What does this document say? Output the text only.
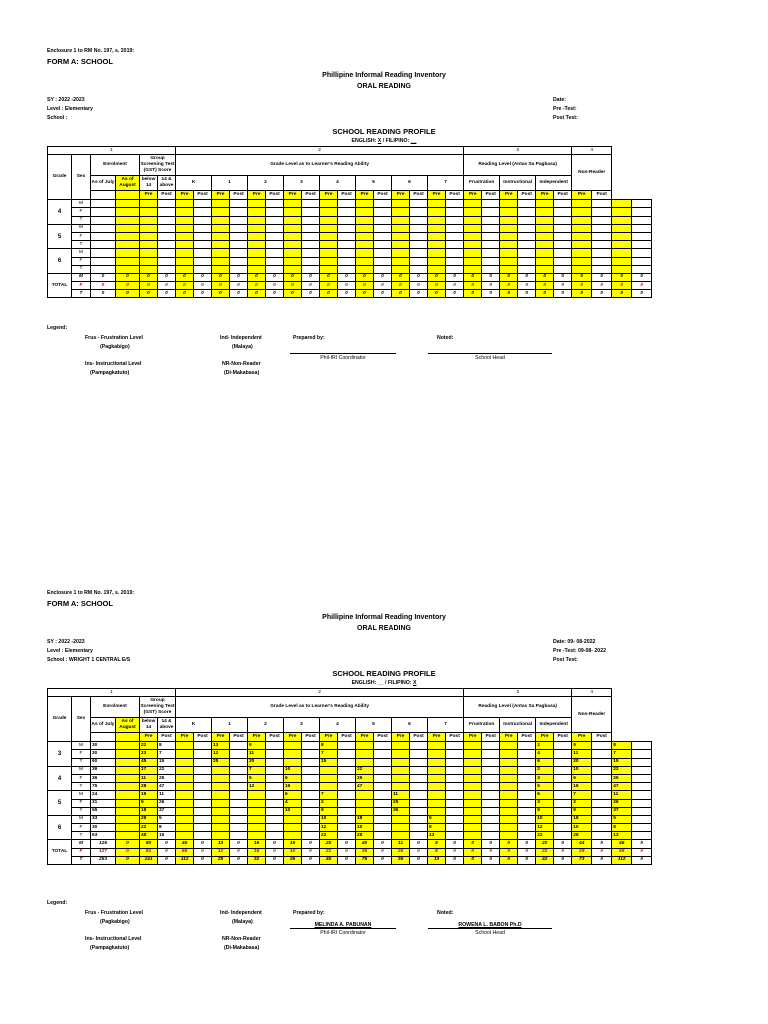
Enclosure 1 to RM No. 197, s. 2019:
FORM A: SCHOOL
Phillipine Informal Reading Inventory
ORAL READING
SY : 2022 -2023
Level : Elementary
School :
Date:
Pre -Test:
Post Test:
SCHOOL READING PROFILE
ENGLISH: X / FILIPINO: __
1						2																3						4			
Grade	Sex	Enrolment		Group Screening Test (GST) Score		Grade Level as to Learner's Reading Ability																Reading Level (Antas Sa Pagbasa)						Non-Reader			
		As of July	As of August	below 14	14 & above	K		1		2		3		4		5		6		7		Frustration		Instructional		Independent					
				Pre	Post	Pre	Post	Pre	Post	Pre	Post	Pre	Post	Pre	Post	Pre	Post	Pre	Post	Pre	Post	Pre	Post	Pre	Post	Pre	Post	Pre	Post		
4	M																														
	F																														
	T																														
5	M																														
	F																														
	T																														
6	M																														
	F																														
	T																														
TOTAL	M	0	0	0	0	0	0	0	0	0	0	0	0	0	0	0	0	0	0	0	0	0	0	0	0	0	0	0	0	0	0
	F	0	0	0	0	0	0	0	0	0	0	0	0	0	0	0	0	0	0	0	0	0	0	0	0	0	0	0	0	0	0
	T	0	0	0	0	0	0	0	0	0	0	0	0	0	0	0	0	0	0	0	0	0	0	0	0	0	0	0	0	0	0
Legend:
Frus - Frustration Level
(Pagkabigo)
Ins- Instructional Level
(Pampagkatuto)
Ind- Independent
(Malaya)
NR-Non-Reader
(Di-Makabasa)
Prepared by:	Noted:
Phil-IRI Coordinator	School Head
Enclosure 1 to RM No. 197, s. 2019:
FORM A: SCHOOL
Phillipine Informal Reading Inventory
ORAL READING
SY : 2022 -2023
Level : Elementary
School : WRIGHT 1 CENTRAL E/S
Date: 09- 08-2022
Pre -Test: 09-08- 2022
Post Test:
SCHOOL READING PROFILE
ENGLISH: __ / FILIPINO: X
1						2																3						4			
Grade	Sex	Enrolment		Group Screening Test (GST) Score		Grade Level as to Learner's Reading Ability																Reading Level (Antas Sa Pagbasa)						Non-Reader			
		As of July	As of August	below 14	14 & above	K		1		2		3		4		5		6		7		Frustration		Instructional		Independent					
				Pre	Post	Pre	Post	Pre	Post	Pre	Post	Pre	Post	Pre	Post	Pre	Post	Pre	Post	Pre	Post	Pre	Post	Pre	Post	Pre	Post	Pre	Post		
3	M	30		22	8			13		9				8												2		9		8	
	F	30		23	7			12		11				7												4		11		7	
	T	60		45	15			25		20				15												6		20		15	
4	M	39		17	22					7		10				22										2		10		22	
	F	36		11	25					5		6				25										3		6		25	
	T	75		28	47					12		16				47										5		16		47	
5	M	24		19	11							6		7				11								6		7		11	
	F	31		5	26							4		2				25								3		2		26	
	T	55		18	37							10		9				36								9		9		37	
6	M	33		28	5									10		18				5						10		18		5	
	F	30		22	8									12		10				8						12		10		8	
	T	63		48	15									22		28				13						22		28		13	
TOTAL	M	126	0	80	0	46	0	13	0	16	0	16	0	25	0	40	0	11	0	5	0	0	0	0	0	20	0	44	0	46	0
	F	127	0	61	0	66	0	12	0	16	0	10	0	21	0	35	0	25	0	8	0	0	0	0	0	22	0	29	0	66	0
	T	253	0	141	0	112	0	25	0	32	0	26	0	46	0	75	0	36	0	13	0	0	0	0	0	42	0	73	0	112	0
Legend:
Frus - Frustration Level
(Pagkabigo)
Ins- Instructional Level
(Pampagkatuto)
Ind- Independent
(Malaya)
NR-Non-Reader
(Di-Makabasa)
Prepared by:	Noted:
MELINDA A. PABUNAN	ROWENA L. BABON Ph.D
Phil-IRI Coordinator	School Head
